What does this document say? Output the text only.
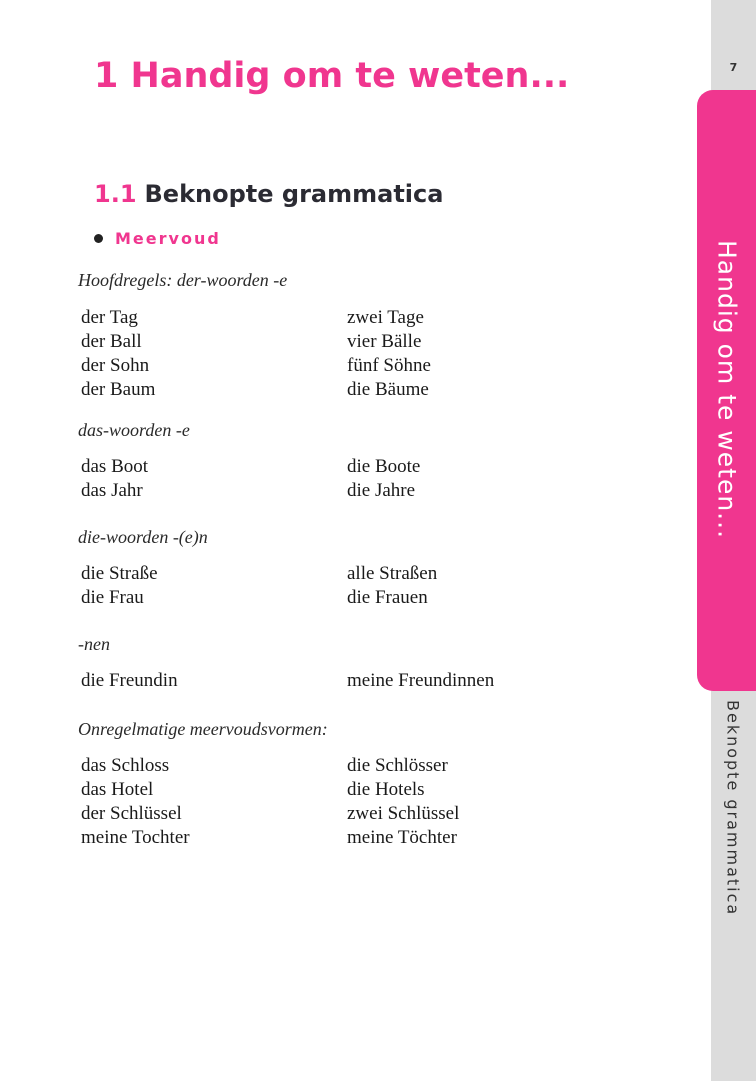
7
Handig om te weten...
Beknopte grammatica
1 Handig om te weten...
1.1 Beknopte grammatica
Meervoud
Hoofdregels: der-woorden -e
der Tag	zwei Tage
der Ball	vier Bälle
der Sohn	fünf Söhne
der Baum	die Bäume
das-woorden -e
das Boot	die Boote
das Jahr	die Jahre
die-woorden -(e)n
die Straße	alle Straßen
die Frau	die Frauen
-nen
die Freundin	meine Freundinnen
Onregelmatige meervoudsvormen:
das Schloss	die Schlösser
das Hotel	die Hotels
der Schlüssel	zwei Schlüssel
meine Tochter	meine Töchter
